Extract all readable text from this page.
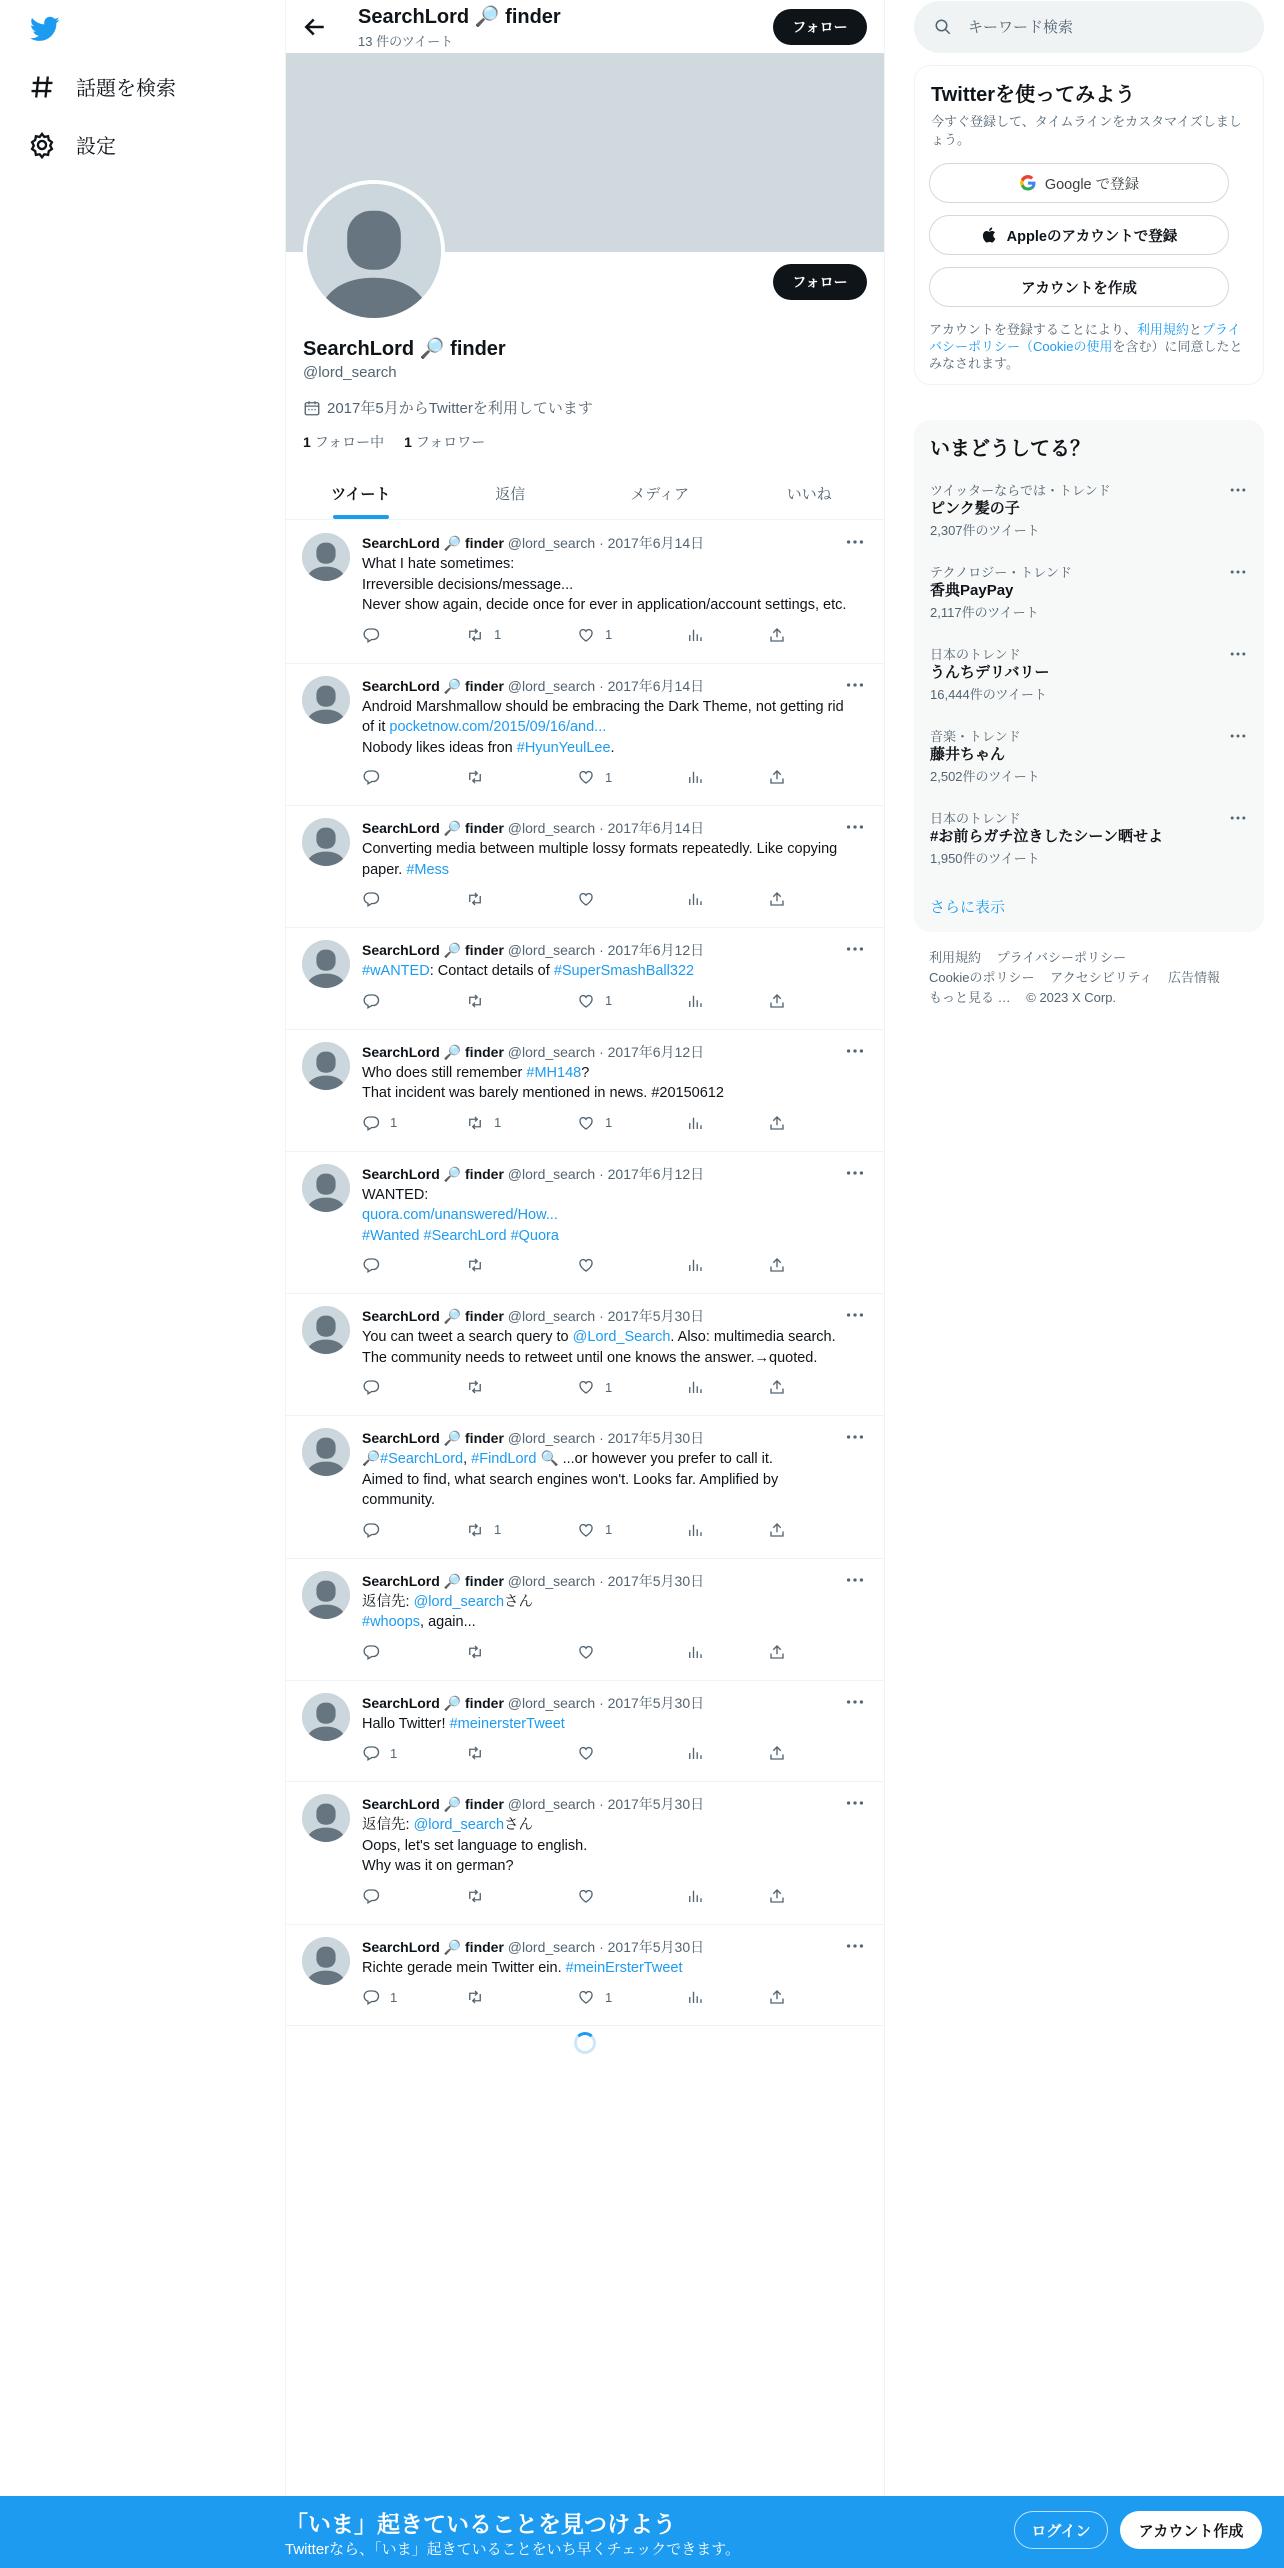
話題を検索
設定
SearchLord 🔎 finder
13 件のツイート
フォロー
フォロー
SearchLord 🔎 finder
@lord_search
2017年5月からTwitterを利用しています
1 フォロー中 1 フォロワー
ツイート	返信	メディア	いいね
SearchLord 🔎 finder @lord_search · 2017年6月14日
What I hate sometimes:
Irreversible decisions/message...
Never show again, decide once for ever in application/account settings, etc.
1	1
SearchLord 🔎 finder @lord_search · 2017年6月14日
Android Marshmallow should be embracing the Dark Theme, not getting rid
of it pocketnow.com/2015/09/16/and...
Nobody likes ideas fron #HyunYeulLee.
1
SearchLord 🔎 finder @lord_search · 2017年6月14日
Converting media between multiple lossy formats repeatedly. Like copying
paper. #Mess
SearchLord 🔎 finder @lord_search · 2017年6月12日
#wANTED: Contact details of #SuperSmashBall322
1
SearchLord 🔎 finder @lord_search · 2017年6月12日
Who does still remember #MH148?
That incident was barely mentioned in news. #20150612
1	1	1
SearchLord 🔎 finder @lord_search · 2017年6月12日
WANTED:
quora.com/unanswered/How...
#Wanted #SearchLord #Quora
SearchLord 🔎 finder @lord_search · 2017年5月30日
You can tweet a search query to @Lord_Search. Also: multimedia search.
The community needs to retweet until one knows the answer.→quoted.
1
SearchLord 🔎 finder @lord_search · 2017年5月30日
🔎#SearchLord, #FindLord 🔍 ...or however you prefer to call it.
Aimed to find, what search engines won't. Looks far. Amplified by
community.
1	1
SearchLord 🔎 finder @lord_search · 2017年5月30日
返信先: @lord_searchさん
#whoops, again...
SearchLord 🔎 finder @lord_search · 2017年5月30日
Hallo Twitter! #meinersterTweet
1
SearchLord 🔎 finder @lord_search · 2017年5月30日
返信先: @lord_searchさん
Oops, let's set language to english.
Why was it on german?
SearchLord 🔎 finder @lord_search · 2017年5月30日
Richte gerade mein Twitter ein. #meinErsterTweet
1	1
キーワード検索
Twitterを使ってみよう
今すぐ登録して、タイムラインをカスタマイズしましょう。
Google で登録
Appleのアカウントで登録
アカウントを作成
アカウントを登録することにより、利用規約とプライバシーポリシー（Cookieの使用を含む）に同意したとみなされます。
いまどうしてる？
ツイッターならでは・トレンド
ピンク髪の子
2,307件のツイート
テクノロジー・トレンド
香典PayPay
2,117件のツイート
日本のトレンド
うんちデリバリー
16,444件のツイート
音楽・トレンド
藤井ちゃん
2,502件のツイート
日本のトレンド
#お前らガチ泣きしたシーン晒せよ
1,950件のツイート
さらに表示
利用規約 プライバシーポリシー
Cookieのポリシー アクセシビリティ 広告情報
もっと見る … © 2023 X Corp.
「いま」起きていることを見つけよう
Twitterなら、「いま」起きていることをいち早くチェックできます。
ログイン	アカウント作成
